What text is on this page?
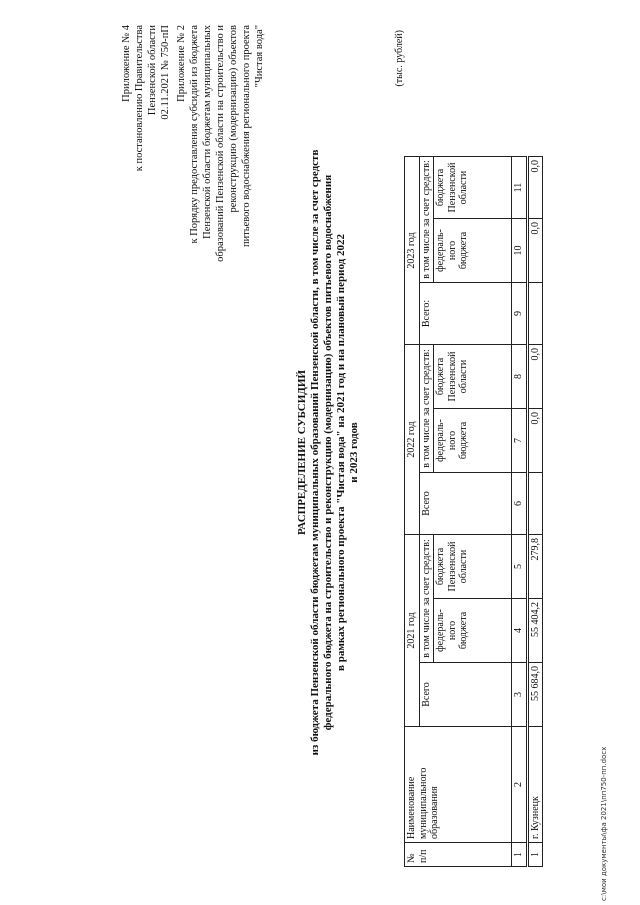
Приложение № 4 к постановлению Правительства Пензенской области 02.11.2021 № 750-пП Приложение № 2 к Порядку предоставления субсидий из бюджета Пензенской области бюджетам муниципальных образований Пензенской области на строительство и реконструкцию (модернизацию) объектов питьевого водоснабжения регионального проекта "Чистая вода"
РАСПРЕДЕЛЕНИЕ СУБСИДИЙ из бюджета Пензенской области бюджетам муниципальных образований Пензенской области, в том числе за счет средств федерального бюджета на строительство и реконструкцию (модернизацию) объектов питьевого водоснабжения в рамках регионального проекта "Чистая вода" на 2021 год и на плановый период 2022 и 2023 годов
(тыс. рублей)
№ п/п	Наименование муниципального образования	2021 год			2022 год			2023 год		
		Всего	в том числе за счет средств:		Всего	в том числе за счет средств:		Всего:	в том числе за счет средств:	
			федераль-ного бюджета	бюджета Пензенской области		федераль-ного бюджета	бюджета Пензенской области		федераль-ного бюджета	бюджета Пензенской области
1	2	3	4	5	6	7	8	9	10	11
1	г. Кузнецк	55 684,0	55 404,2	279,8		0,0	0,0		0,0	0,0
c:\мои документы\фа 2021\пп750-пп.docx
